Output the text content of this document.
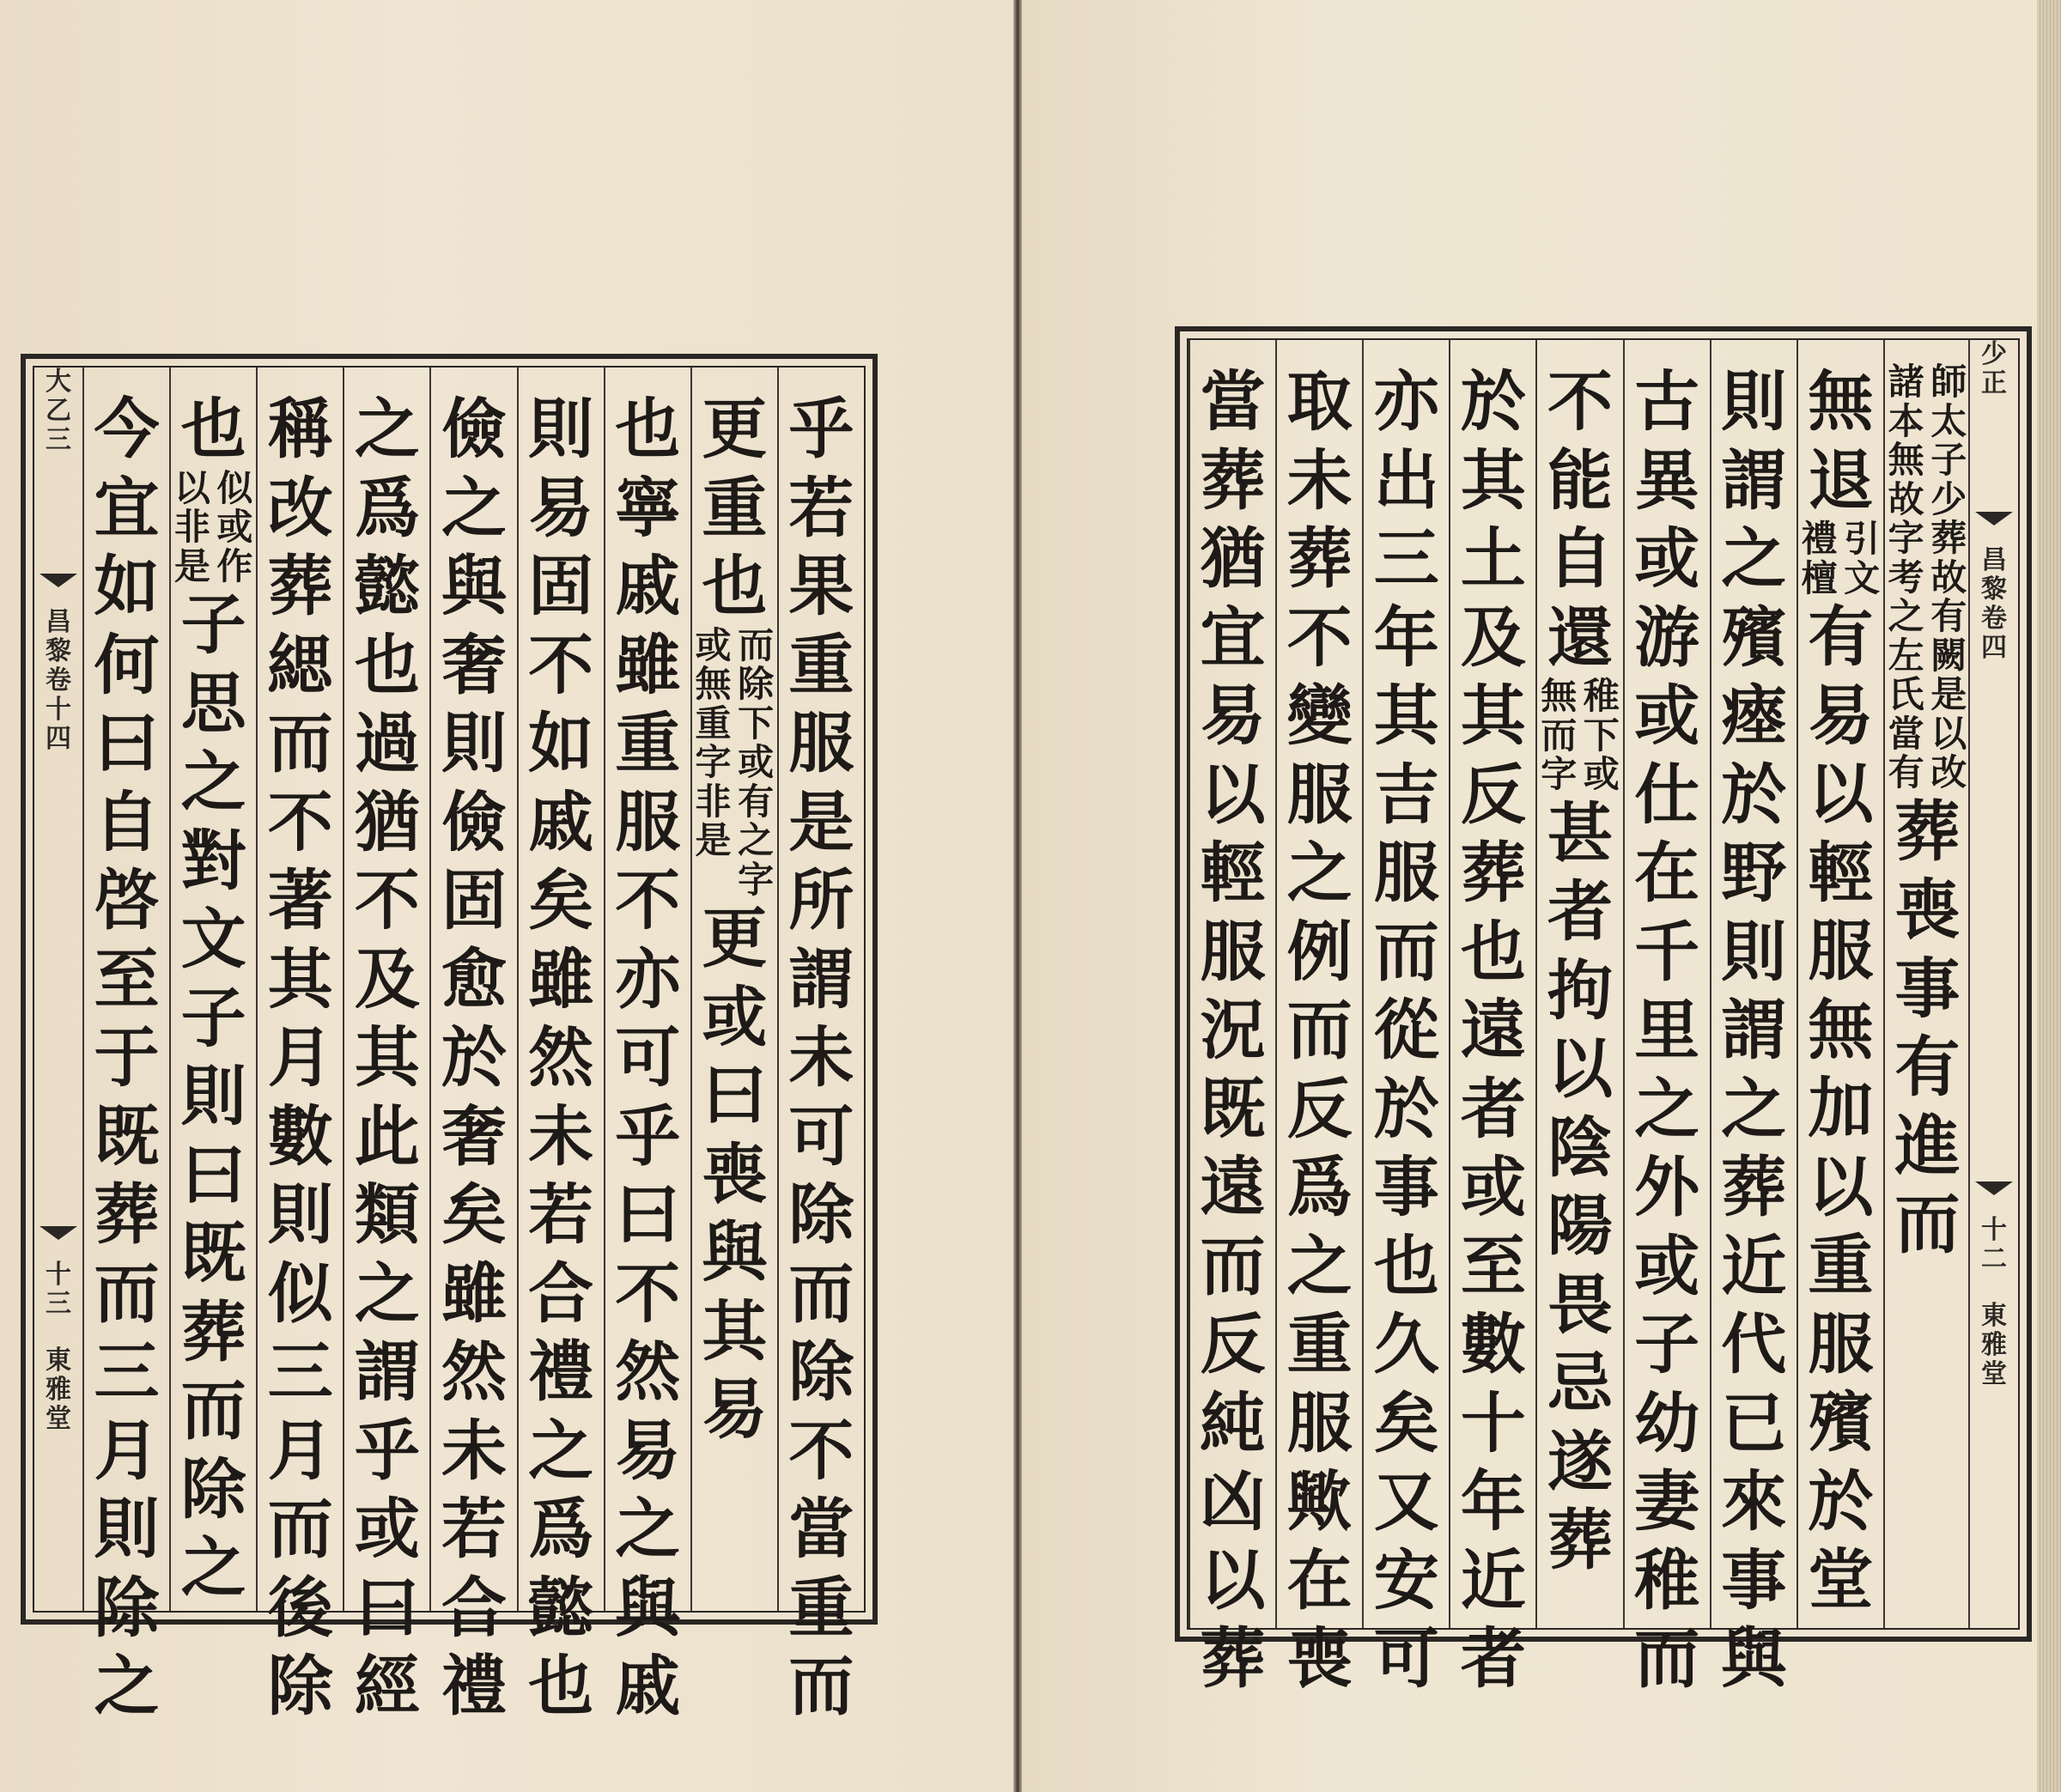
乎
若
果
重
服
是
所
謂
未
可
除
而
除
不
當
重
而
更
重
也
而
除
下
或
有
或
無
重
字
非
之
字
是
更
或
曰
喪
與
其
易
也
寧
戚
雖
重
服
不
亦
可
乎
曰
不
然
易
之
與
戚
則
易
固
不
如
戚
矣
雖
然
未
若
合
禮
之
爲
懿
也
儉
之
與
奢
則
儉
固
愈
於
奢
矣
雖
然
未
若
合
禮
之
爲
懿
也
過
猶
不
及
其
此
類
之
謂
乎
或
曰
經
稱
改
葬
緦
而
不
著
其
月
數
則
似
三
月
而
後
除
也
似
或
作
以
非
是
子
思
之
對
文
子
則
曰
既
葬
而
除
之
今
宜
如
何
曰
自
啓
至
于
既
葬
而
三
月
則
除
之
大
乙
三
昌
黎
卷
十
四
十
三
東
雅
堂
師
太
子
少
諸
本
無
故
葬
故
有
闕
字
考
之
左
是
以
改
氏
當
有
葬
喪
事
有
進
而
無
退
引
文
禮
檀
有
易
以
輕
服
無
加
以
重
服
殯
於
堂
則
謂
之
殯
瘞
於
野
則
謂
之
葬
近
代
已
來
事
與
古
異
或
游
或
仕
在
千
里
之
外
或
子
幼
妻
稚
而
不
能
自
還
稚
下
或
無
而
字
甚
者
拘
以
陰
陽
畏
忌
遂
葬
於
其
土
及
其
反
葬
也
遠
者
或
至
數
十
年
近
者
亦
出
三
年
其
吉
服
而
從
於
事
也
久
矣
又
安
可
取
未
葬
不
變
服
之
例
而
反
爲
之
重
服
歟
在
喪
當
葬
猶
宜
易
以
輕
服
況
既
遠
而
反
純
凶
以
葬
少
正
昌
黎
卷
四
十
二
東
雅
堂
